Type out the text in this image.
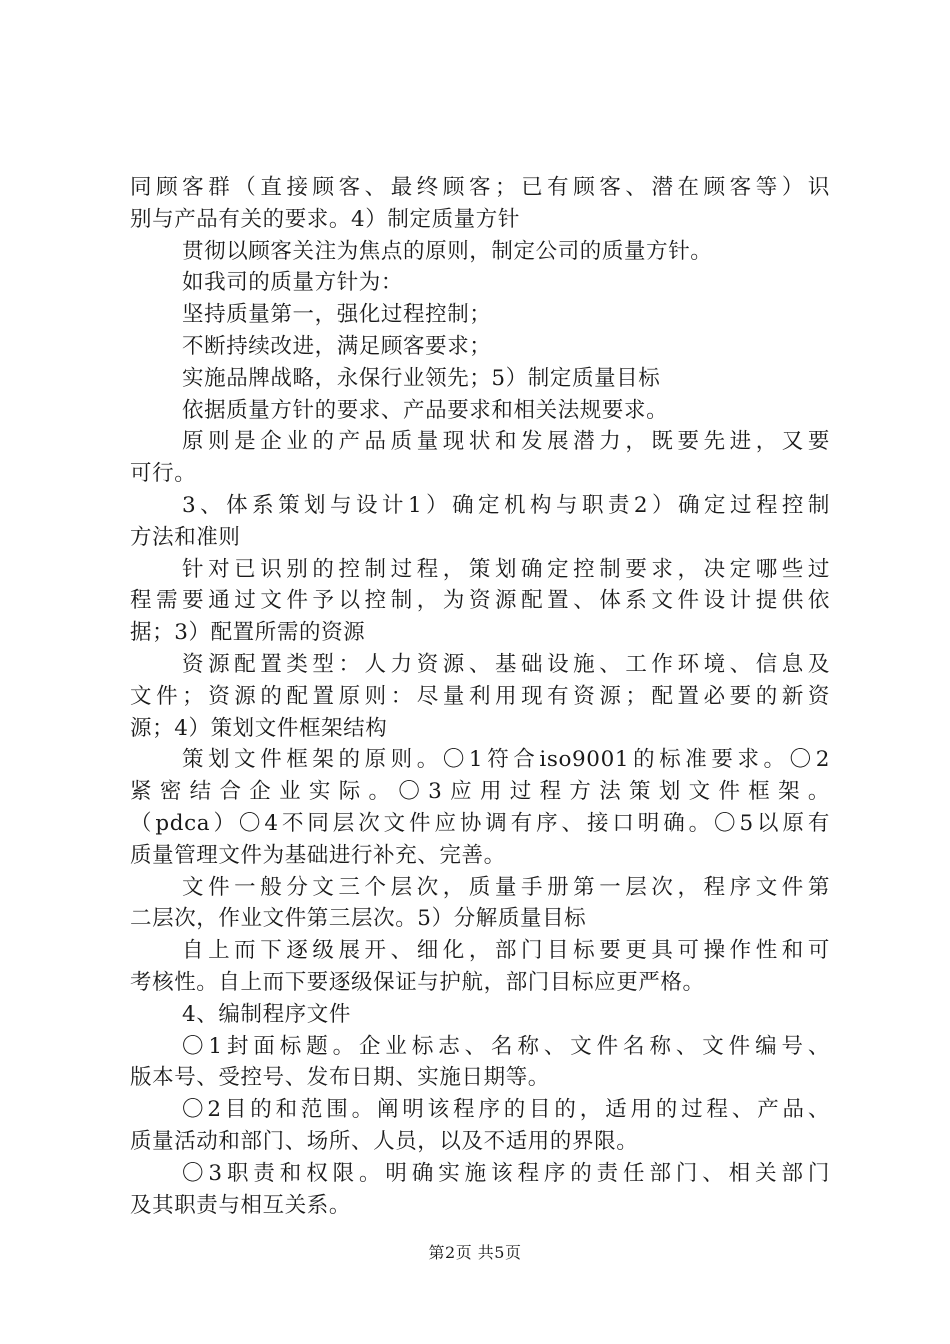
同顾客群（直接顾客、最终顾客；已有顾客、潜在顾客等）识
别与产品有关的要求。4）制定质量方针
贯彻以顾客关注为焦点的原则，制定公司的质量方针。
如我司的质量方针为：
坚持质量第一，强化过程控制；
不断持续改进，满足顾客要求；
实施品牌战略，永保行业领先；5）制定质量目标
依据质量方针的要求、产品要求和相关法规要求。
原则是企业的产品质量现状和发展潜力，既要先进，又要
可行。
3、体系策划与设计1）确定机构与职责2）确定过程控制
方法和准则
针对已识别的控制过程，策划确定控制要求，决定哪些过
程需要通过文件予以控制，为资源配置、体系文件设计提供依
据；3）配置所需的资源
资源配置类型：人力资源、基础设施、工作环境、信息及
文件；资源的配置原则：尽量利用现有资源；配置必要的新资
源；4）策划文件框架结构
策划文件框架的原则。〇1符合iso9001的标准要求。〇2
紧密结合企业实际。〇3应用过程方法策划文件框架。
（pdca）〇4不同层次文件应协调有序、接口明确。〇5以原有
质量管理文件为基础进行补充、完善。
文件一般分文三个层次，质量手册第一层次，程序文件第
二层次，作业文件第三层次。5）分解质量目标
自上而下逐级展开、细化，部门目标要更具可操作性和可
考核性。自上而下要逐级保证与护航，部门目标应更严格。
4、编制程序文件
〇1封面标题。企业标志、名称、文件名称、文件编号、
版本号、受控号、发布日期、实施日期等。
〇2目的和范围。阐明该程序的目的，适用的过程、产品、
质量活动和部门、场所、人员，以及不适用的界限。
〇3职责和权限。明确实施该程序的责任部门、相关部门
及其职责与相互关系。
第2页 共5页
